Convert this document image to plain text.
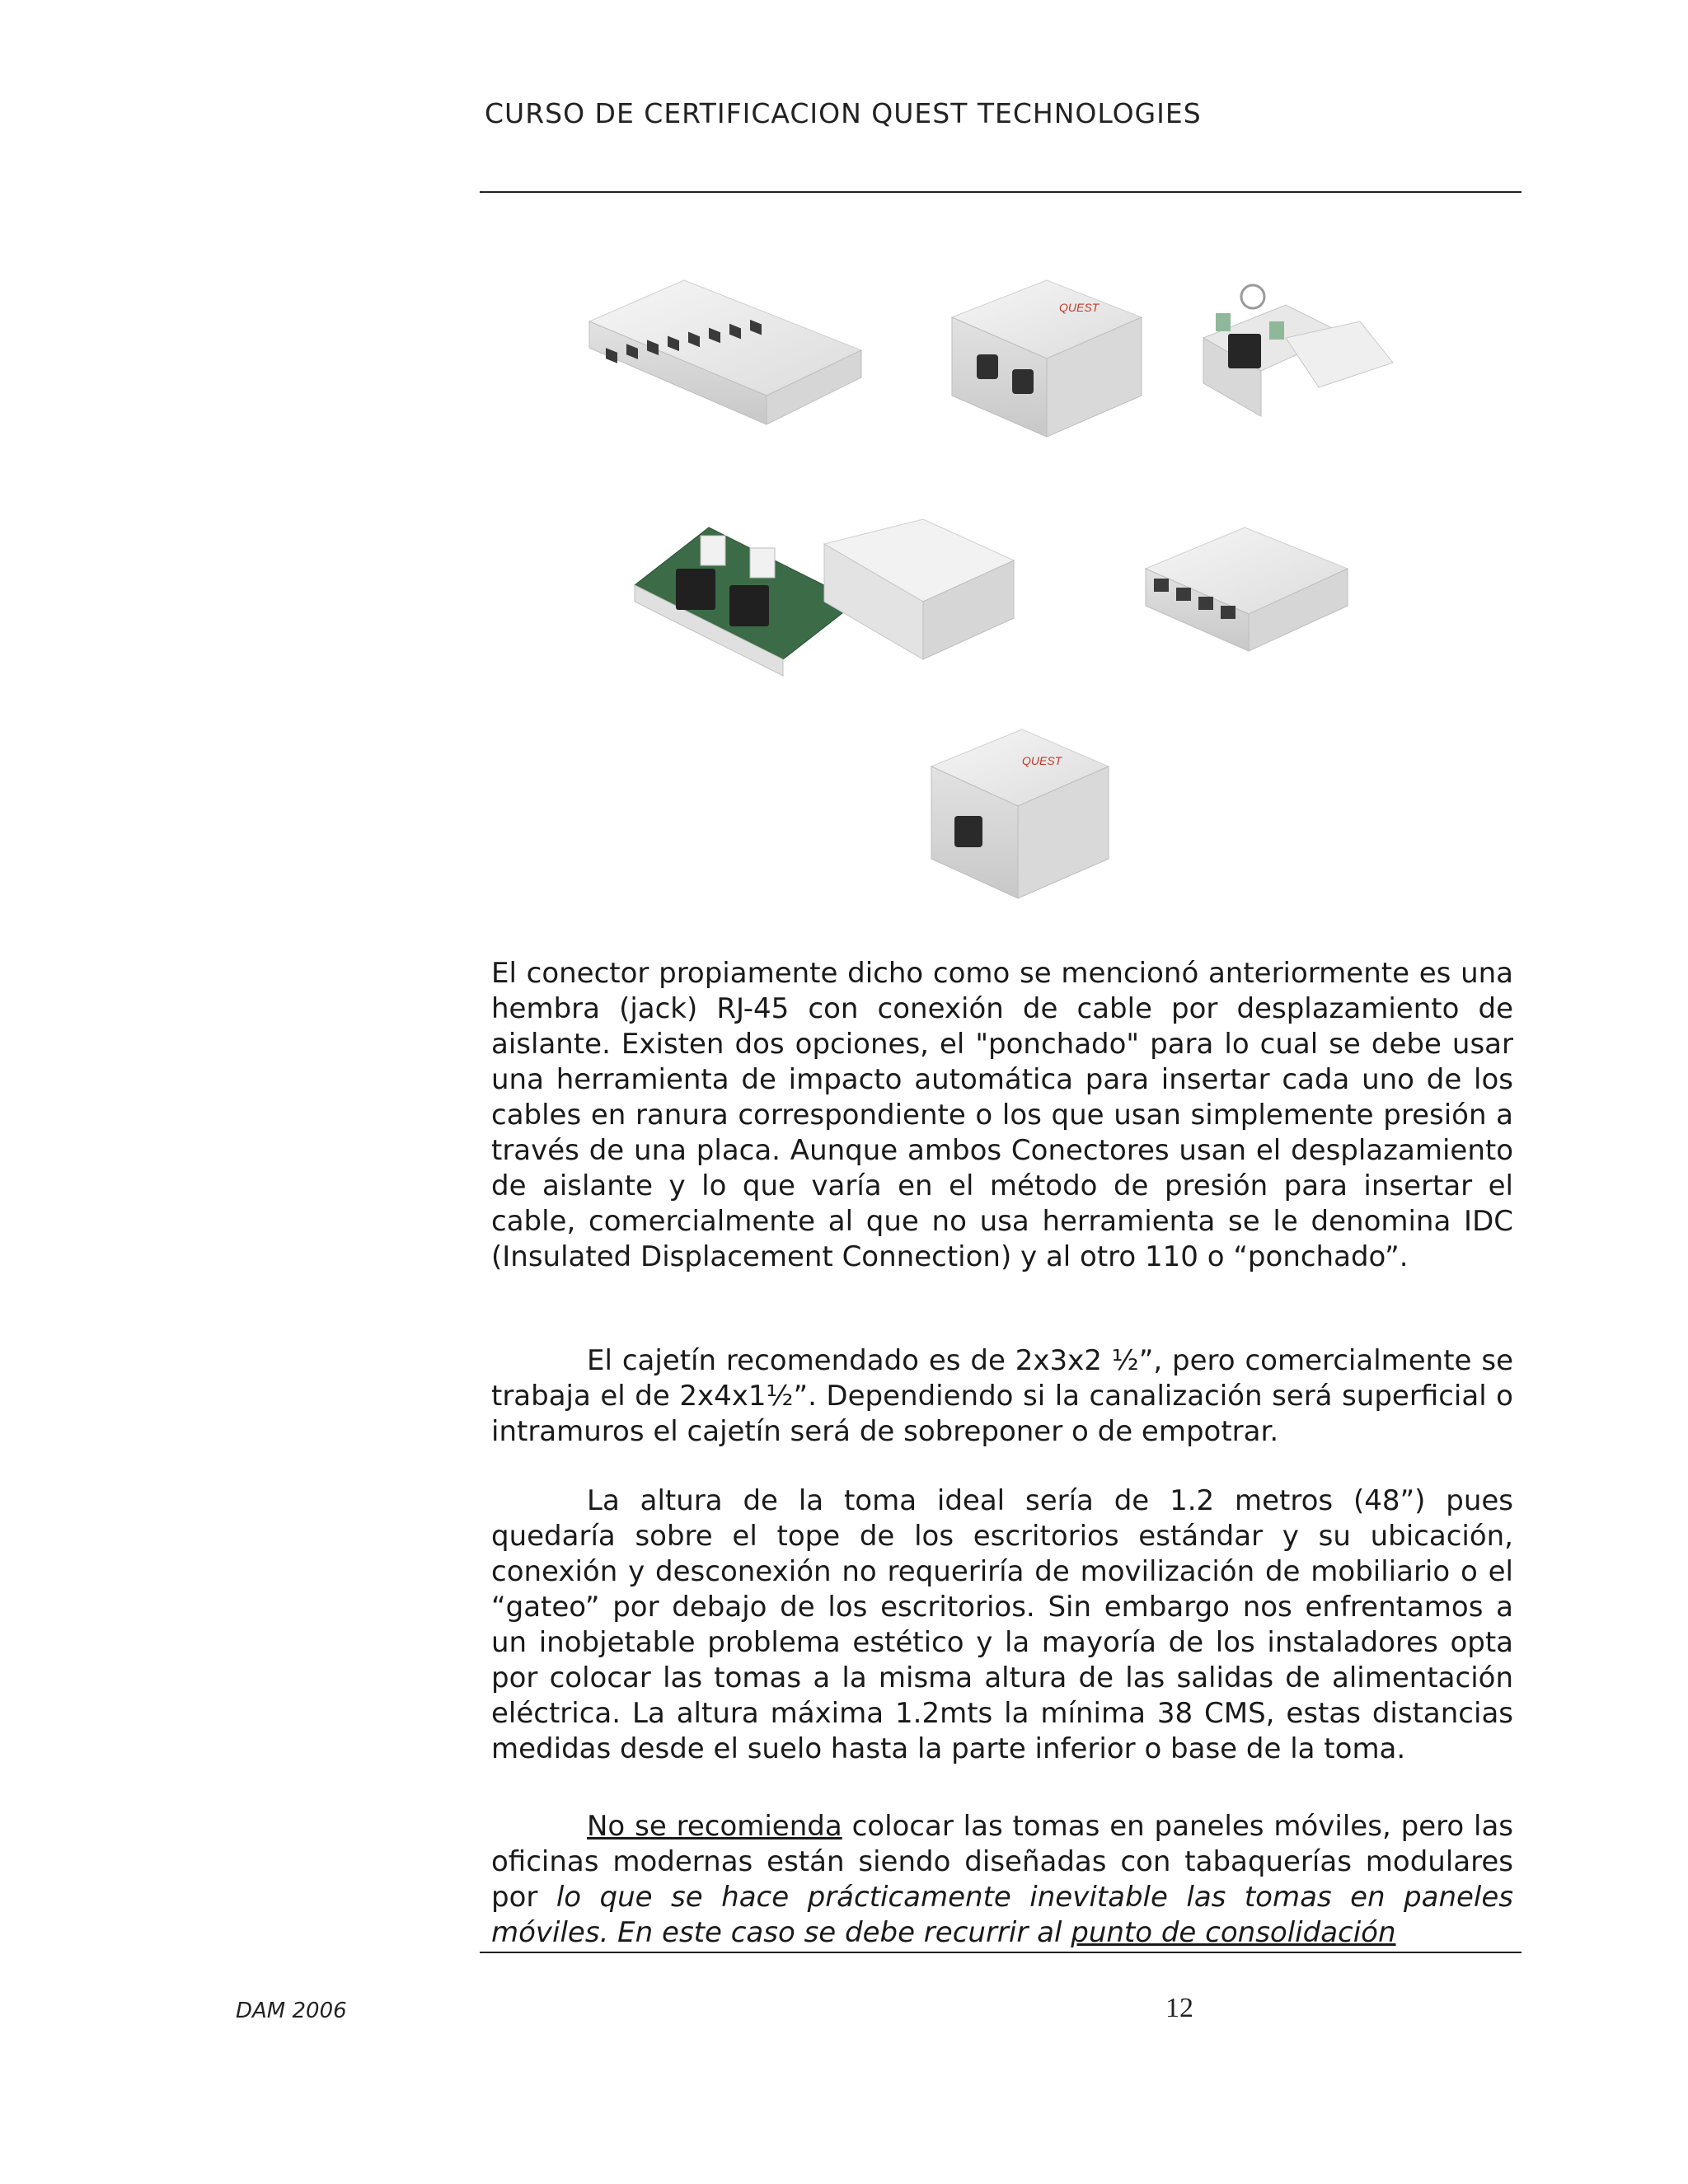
CURSO DE CERTIFICACION QUEST TECHNOLOGIES
QUEST
QUEST
El conector propiamente dicho como se mencionó anteriormente es una hembra (jack) RJ-45 con conexión de cable por desplazamiento de aislante. Existen dos opciones, el "ponchado" para lo cual se debe usar una herramienta de impacto automática para insertar cada uno de los cables en ranura correspondiente o los que usan simplemente presión a través de una placa. Aunque ambos Conectores usan el desplazamiento de aislante y lo que varía en el método de presión para insertar el cable, comercialmente al que no usa herramienta se le denomina IDC (Insulated Displacement Connection) y al otro 110 o “ponchado”.
El cajetín recomendado es de 2x3x2 ½”, pero comercialmente se trabaja el de 2x4x1½”. Dependiendo si la canalización será superficial o intramuros el cajetín será de sobreponer o de empotrar.
La altura de la toma ideal sería de 1.2 metros (48”) pues quedaría sobre el tope de los escritorios estándar y su ubicación, conexión y desconexión no requeriría de movilización de mobiliario o el “gateo” por debajo de los escritorios. Sin embargo nos enfrentamos a un inobjetable problema estético y la mayoría de los instaladores opta por colocar las tomas a la misma altura de las salidas de alimentación eléctrica. La altura máxima 1.2mts la mínima 38 CMS, estas distancias medidas desde el suelo hasta la parte inferior o base de la toma.
No se recomienda colocar las tomas en paneles móviles, pero las oficinas modernas están siendo diseñadas con tabaquerías modulares por lo que se hace prácticamente inevitable las tomas en paneles móviles. En este caso se debe recurrir al punto de consolidación
DAM 2006	12
